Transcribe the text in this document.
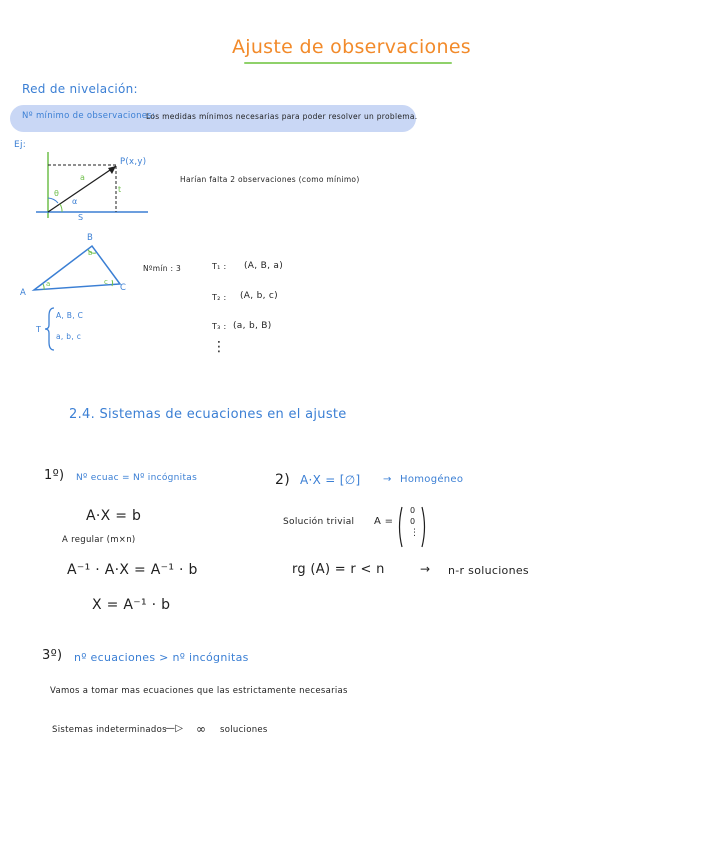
Ajuste de observaciones
Red de nivelación:
Nº mínimo de observaciones:
Los medidas mínimos necesarias para poder resolver un problema.
Ej:
P(x,y)
a
θ
α
t
S
Harían falta 2 observaciones (como mínimo)
B
A	C
a
b
c
Nºmín : 3
T
A, B, C
a, b, c
T₁ : (A, B, a)
T₂ : (A, b, c)
T₃ : (a, b, B)
⋮
2.4. Sistemas de ecuaciones en el ajuste
1º) Nº ecuac = Nº incógnitas
A·X = b
A regular (m×n)
A⁻¹ · A·X = A⁻¹ · b
X = A⁻¹ · b
2) A·X = [∅] → Homogéneo
Solución trivial A =
0
0
⋮
rg (A) = r < n	→ n-r soluciones
3º) nº ecuaciones > nº incógnitas
Vamos a tomar mas ecuaciones que las estrictamente necesarias
Sistemas indeterminados
—▷ ∞ soluciones
